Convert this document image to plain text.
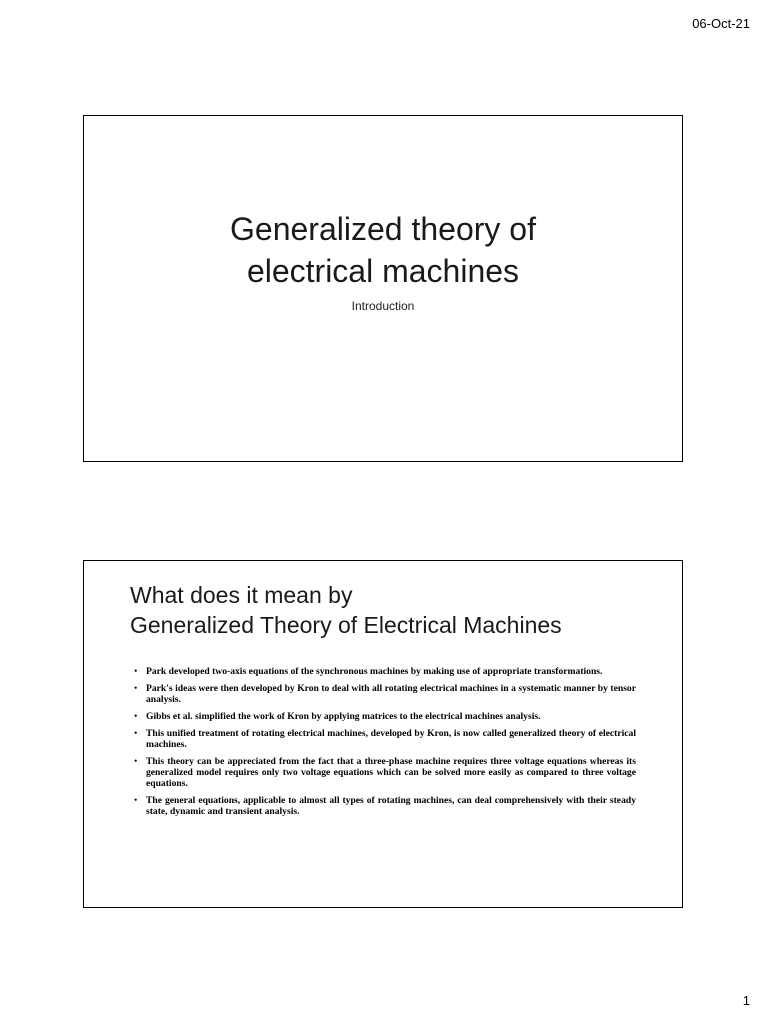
06-Oct-21
Generalized theory of
electrical machines
Introduction
What does it mean by
Generalized Theory of Electrical Machines
• Park developed two-axis equations of the synchronous machines by making use of appropriate transformations.
• Park's ideas were then developed by Kron to deal with all rotating electrical machines in a systematic manner by tensor analysis.
• Gibbs et al. simplified the work of Kron by applying matrices to the electrical machines analysis.
• This unified treatment of rotating electrical machines, developed by Kron, is now called generalized theory of electrical machines.
• This theory can be appreciated from the fact that a three-phase machine requires three voltage equations whereas its generalized model requires only two voltage equations which can be solved more easily as compared to three voltage equations.
• The general equations, applicable to almost all types of rotating machines, can deal comprehensively with their steady state, dynamic and transient analysis.
1
